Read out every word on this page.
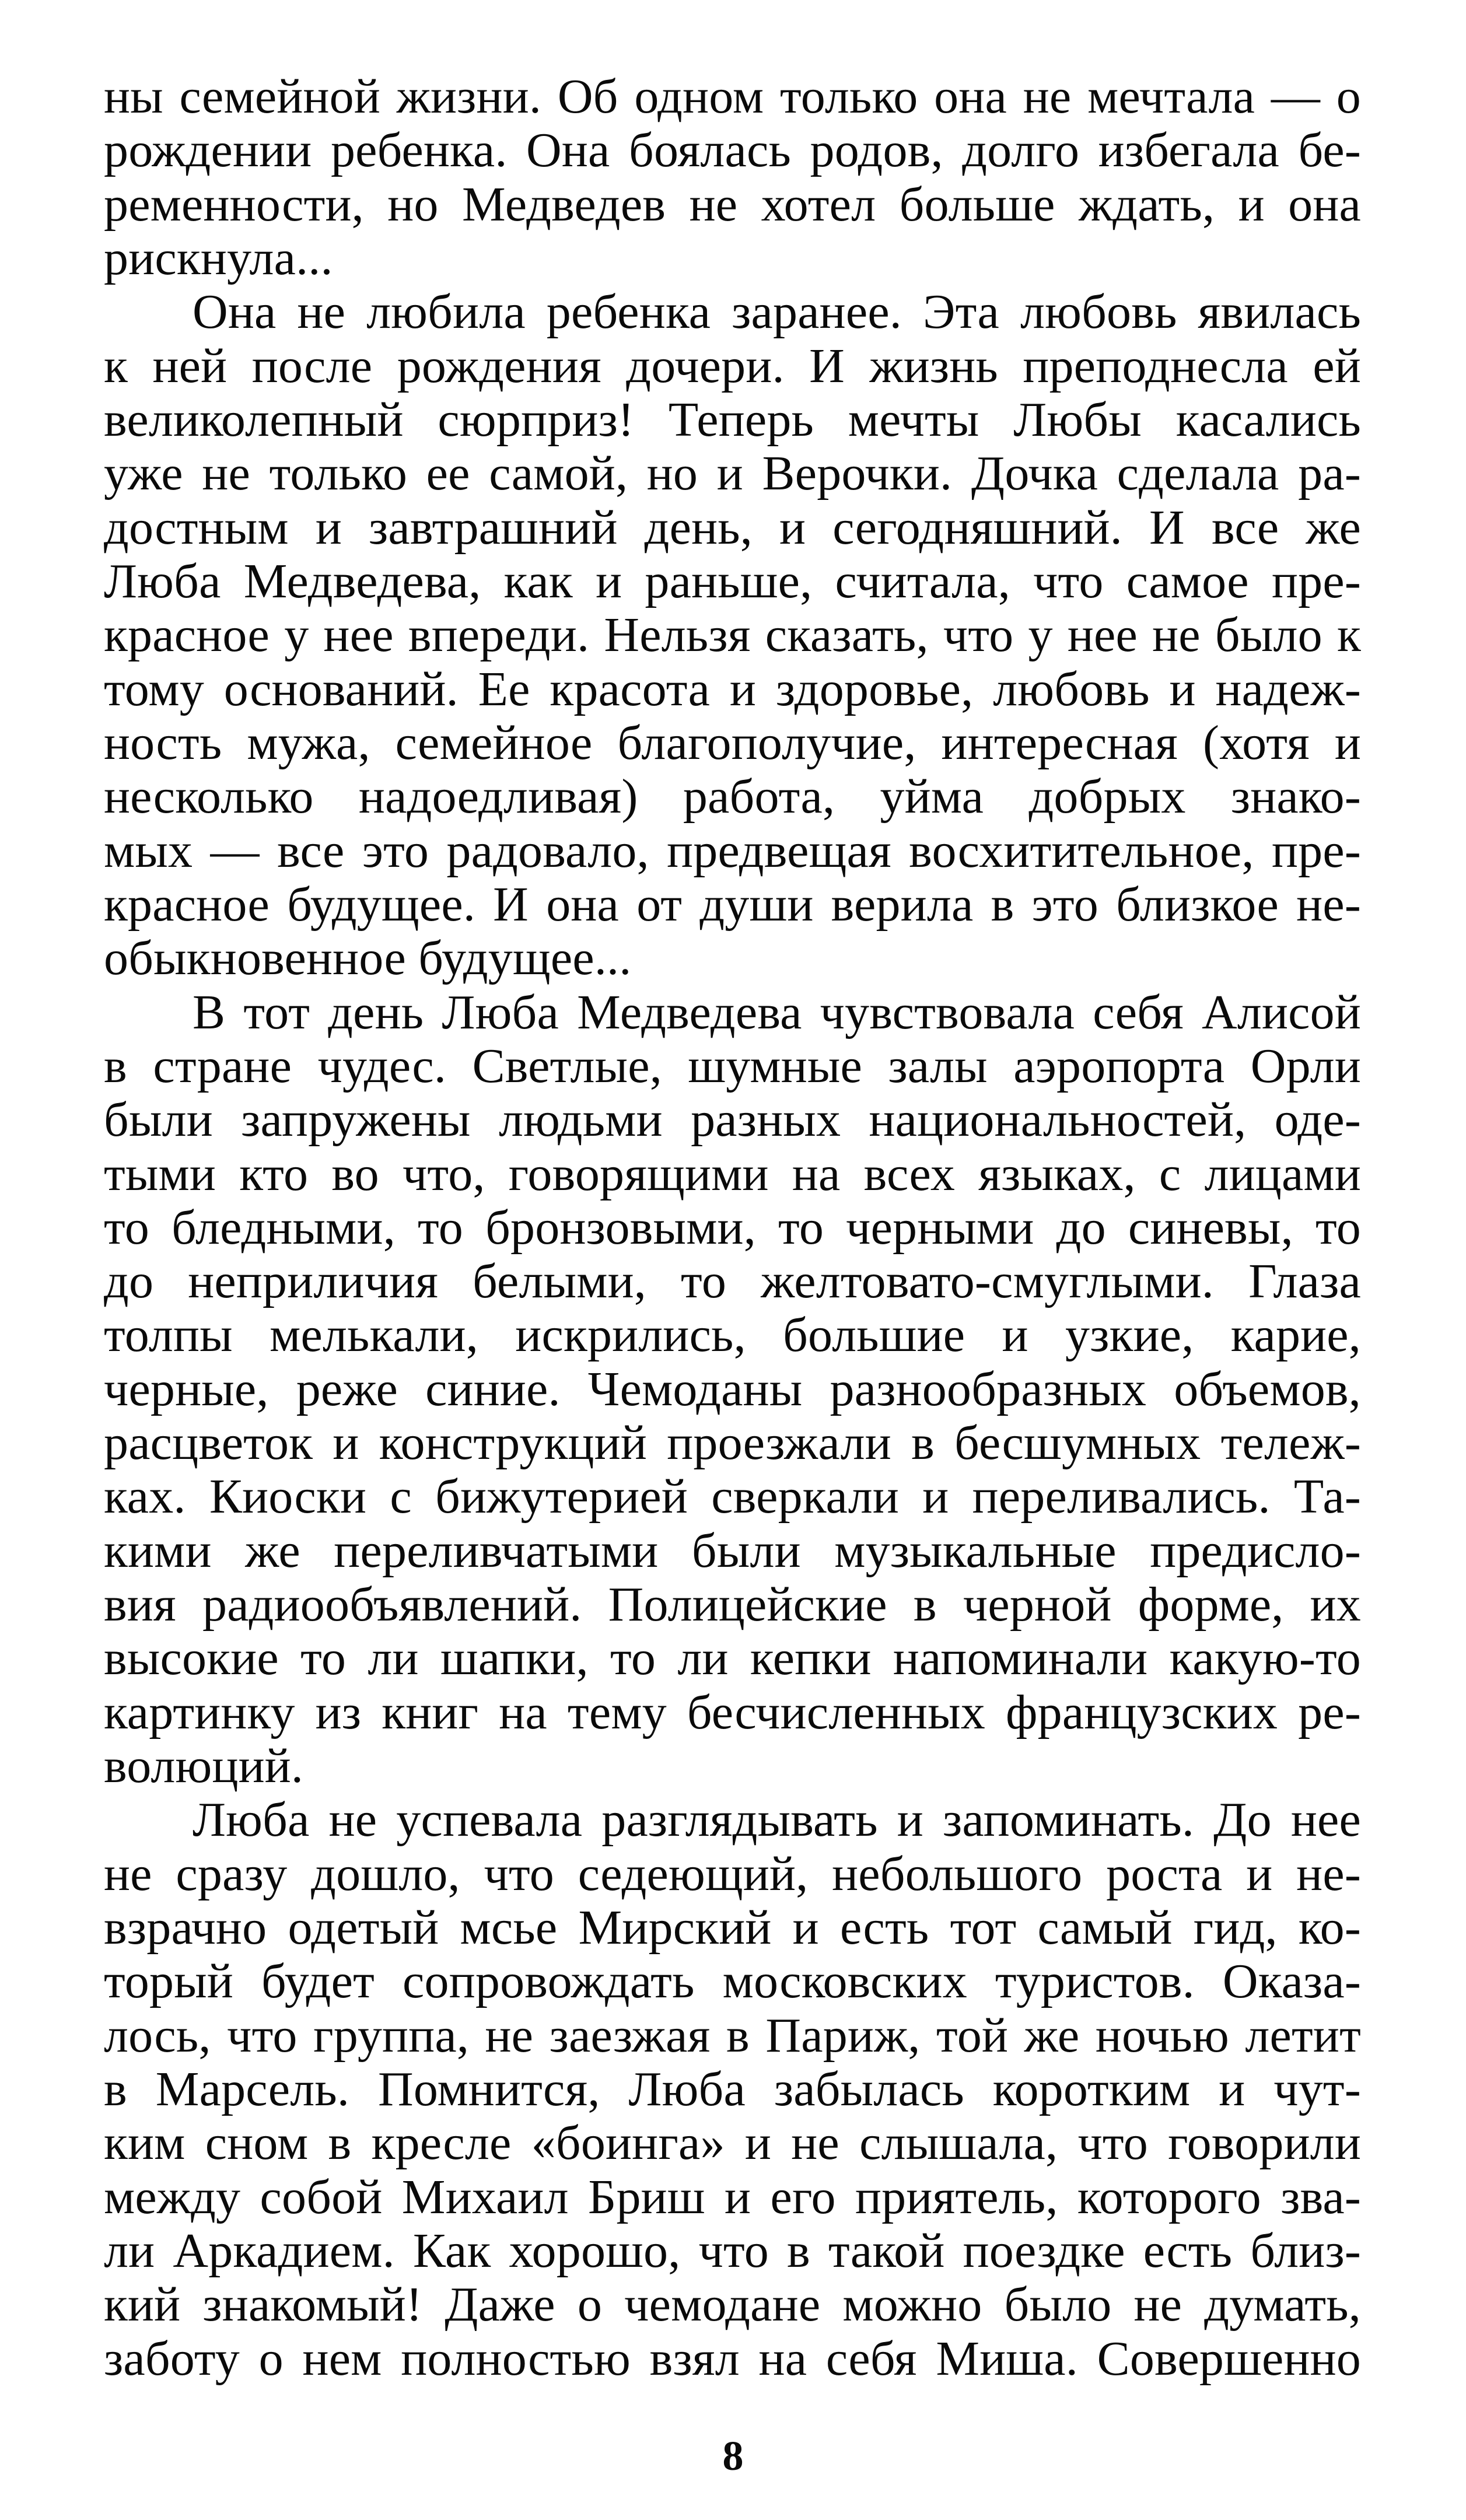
ны семейной жизни. Об одном только она не мечтала — о
рождении ребенка. Она боялась родов, долго избегала бе-
ременности, но Медведев не хотел больше ждать, и она
рискнула...
Она не любила ребенка заранее. Эта любовь явилась
к ней после рождения дочери. И жизнь преподнесла ей
великолепный сюрприз! Теперь мечты Любы касались
уже не только ее самой, но и Верочки. Дочка сделала ра-
достным и завтрашний день, и сегодняшний. И все же
Люба Медведева, как и раньше, считала, что самое пре-
красное у нее впереди. Нельзя сказать, что у нее не было к
тому оснований. Ее красота и здоровье, любовь и надеж-
ность мужа, семейное благополучие, интересная (хотя и
несколько надоедливая) работа, уйма добрых знако-
мых — все это радовало, предвещая восхитительное, пре-
красное будущее. И она от души верила в это близкое не-
обыкновенное будущее...
В тот день Люба Медведева чувствовала себя Алисой
в стране чудес. Светлые, шумные залы аэропорта Орли
были запружены людьми разных национальностей, оде-
тыми кто во что, говорящими на всех языках, с лицами
то бледными, то бронзовыми, то черными до синевы, то
до неприличия белыми, то желтовато-смуглыми. Глаза
толпы мелькали, искрились, большие и узкие, карие,
черные, реже синие. Чемоданы разнообразных объемов,
расцветок и конструкций проезжали в бесшумных тележ-
ках. Киоски с бижутерией сверкали и переливались. Та-
кими же переливчатыми были музыкальные предисло-
вия радиообъявлений. Полицейские в черной форме, их
высокие то ли шапки, то ли кепки напоминали какую-то
картинку из книг на тему бесчисленных французских ре-
волюций.
Люба не успевала разглядывать и запоминать. До нее
не сразу дошло, что седеющий, небольшого роста и не-
взрачно одетый мсье Мирский и есть тот самый гид, ко-
торый будет сопровождать московских туристов. Оказа-
лось, что группа, не заезжая в Париж, той же ночью летит
в Марсель. Помнится, Люба забылась коротким и чут-
ким сном в кресле «боинга» и не слышала, что говорили
между собой Михаил Бриш и его приятель, которого зва-
ли Аркадием. Как хорошо, что в такой поездке есть близ-
кий знакомый! Даже о чемодане можно было не думать,
заботу о нем полностью взял на себя Миша. Совершенно
8
